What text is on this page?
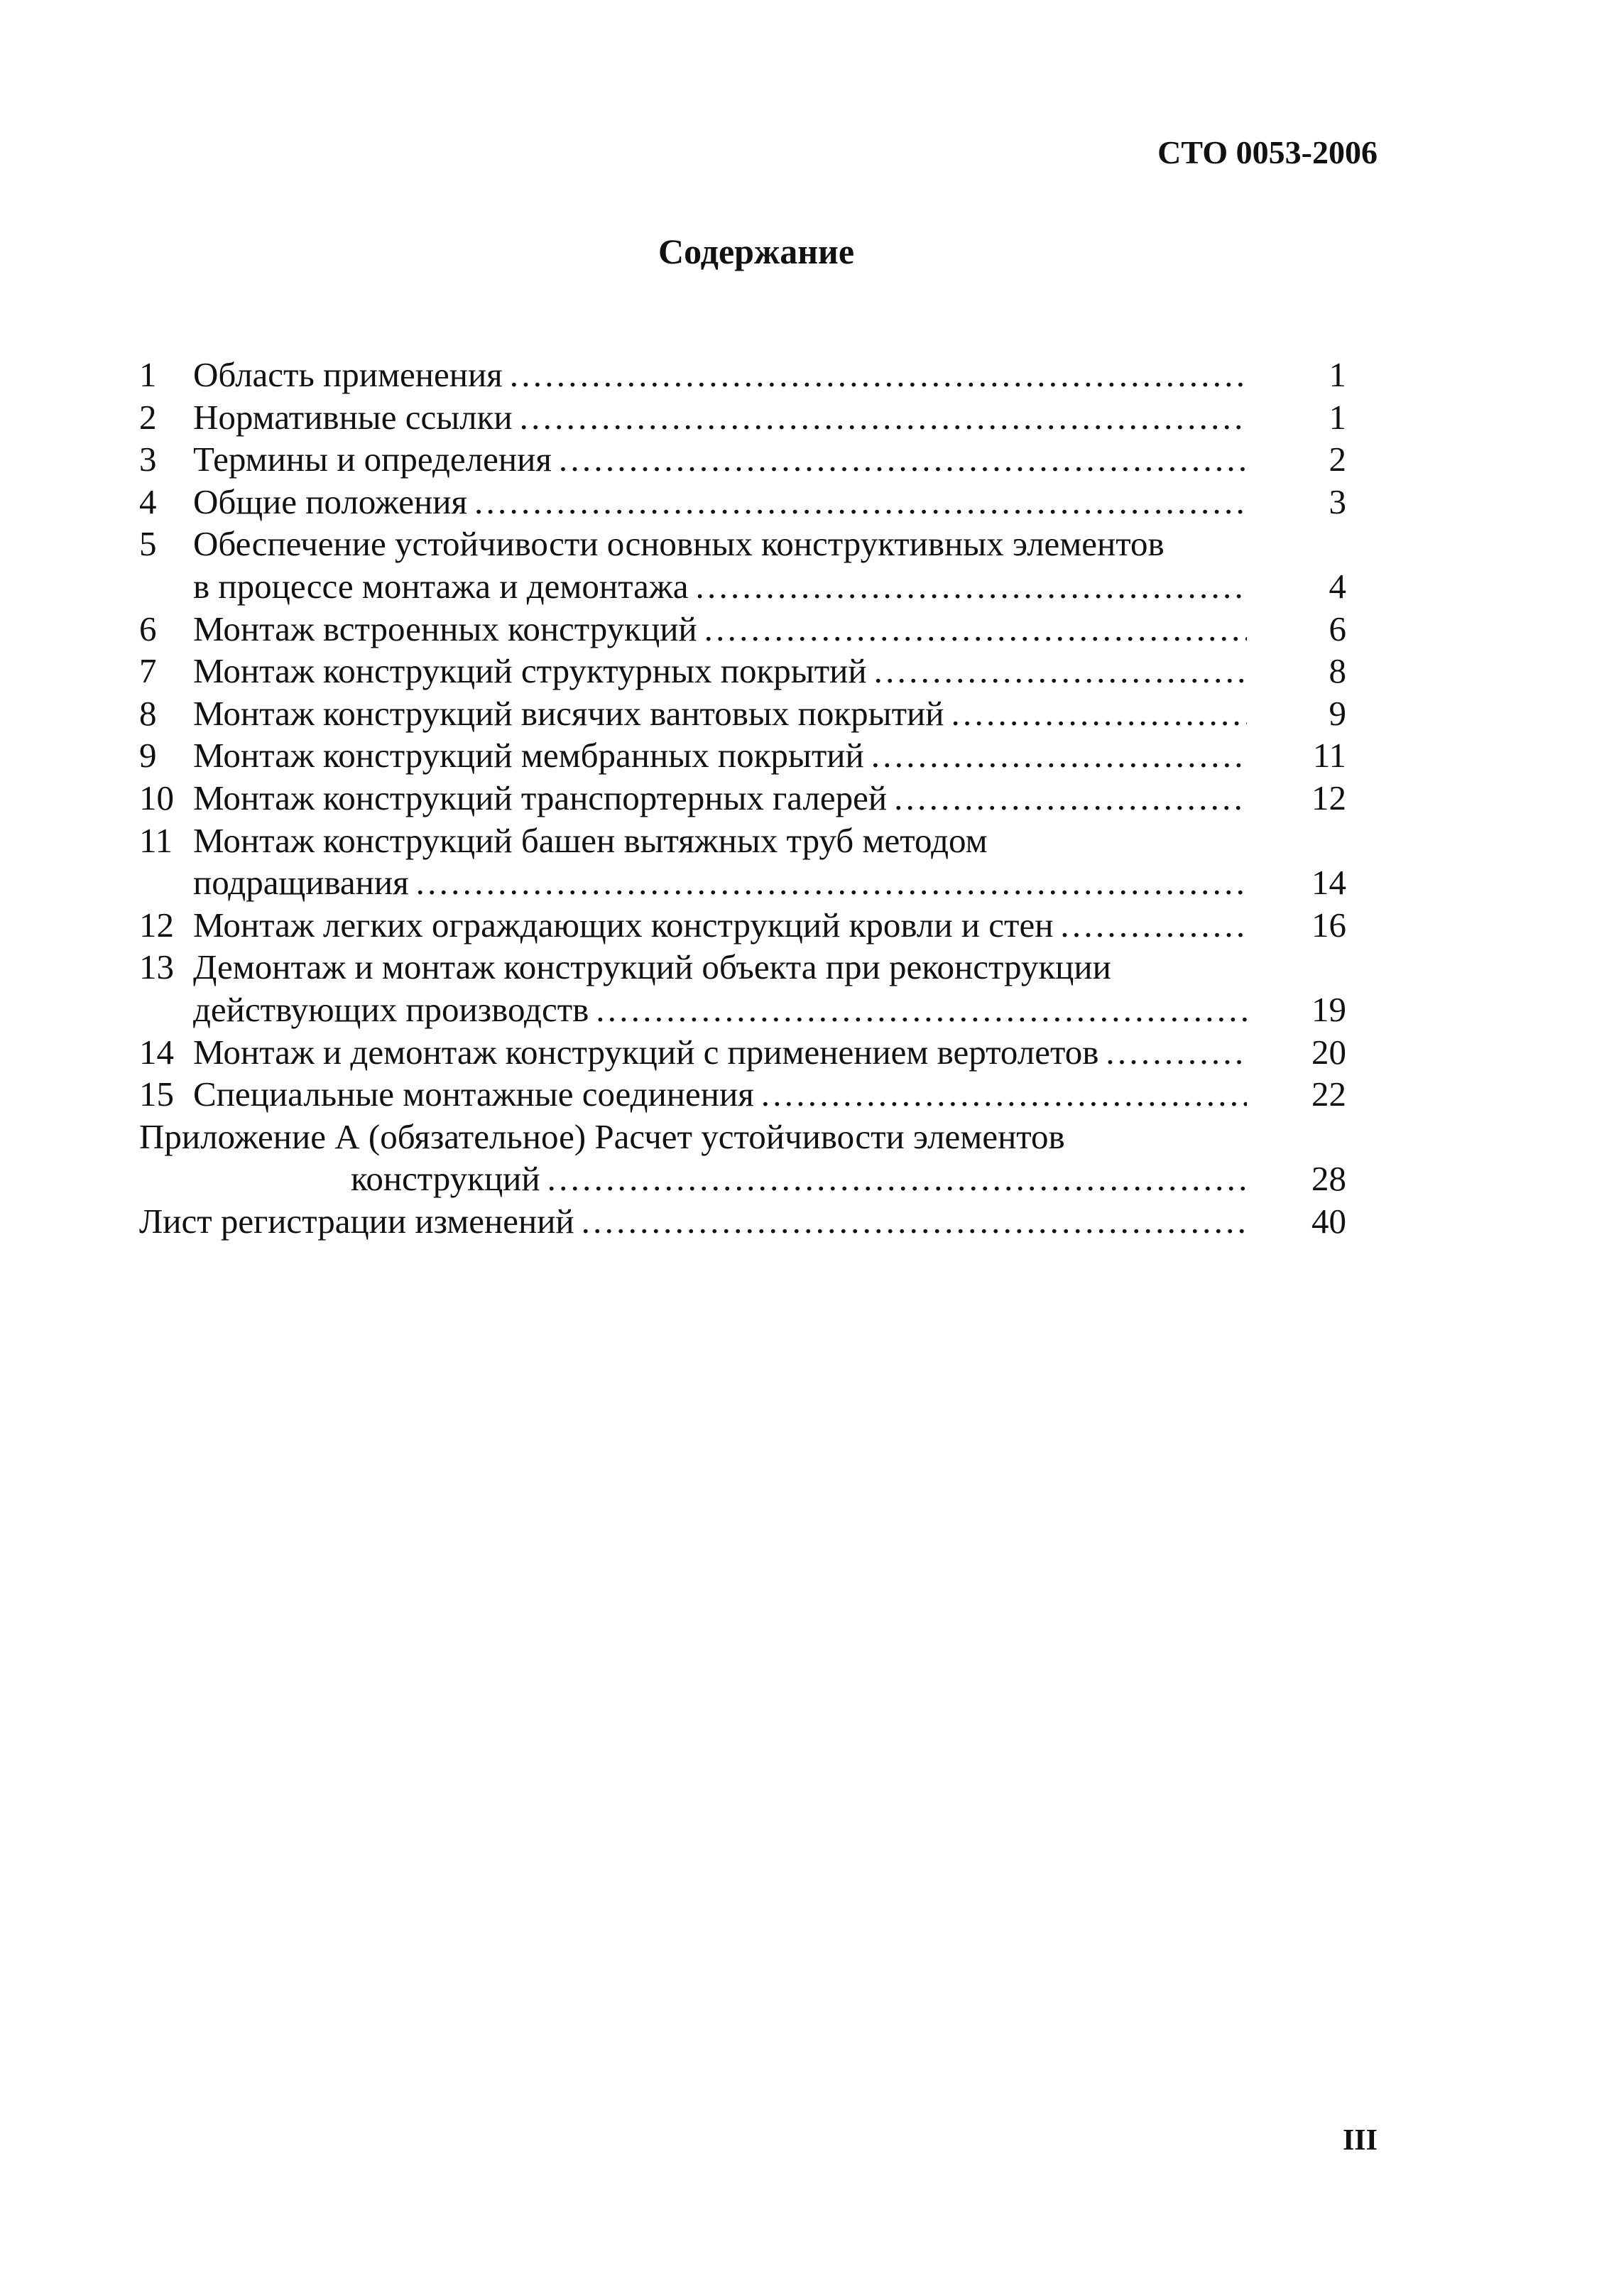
СТО 0053-2006
Содержание
1	Область применения . . .	1
2	Нормативные ссылки . . .	1
3	Термины и определения . . .	2
4	Общие положения . . .	3
5	Обеспечение устойчивости основных конструктивных элементов
в процессе монтажа и демонтажа . . .	4
6	Монтаж встроенных конструкций . . .	6
7	Монтаж конструкций структурных покрытий . . .	8
8	Монтаж конструкций висячих вантовых покрытий . . .	9
9	Монтаж конструкций мембранных покрытий . . .	11
10 Монтаж конструкций транспортерных галерей . . .	12
11 Монтаж конструкций башен вытяжных труб методом
подращивания . . .	14
12 Монтаж легких ограждающих конструкций кровли и стен . . .	16
13 Демонтаж и монтаж конструкций объекта при реконструкции
действующих производств . . .	19
14 Монтаж и демонтаж конструкций с применением вертолетов . . .	20
15 Специальные монтажные соединения . . .	22
Приложение А (обязательное) Расчет устойчивости элементов
конструкций . . .	28
Лист регистрации изменений . . .	40
III
